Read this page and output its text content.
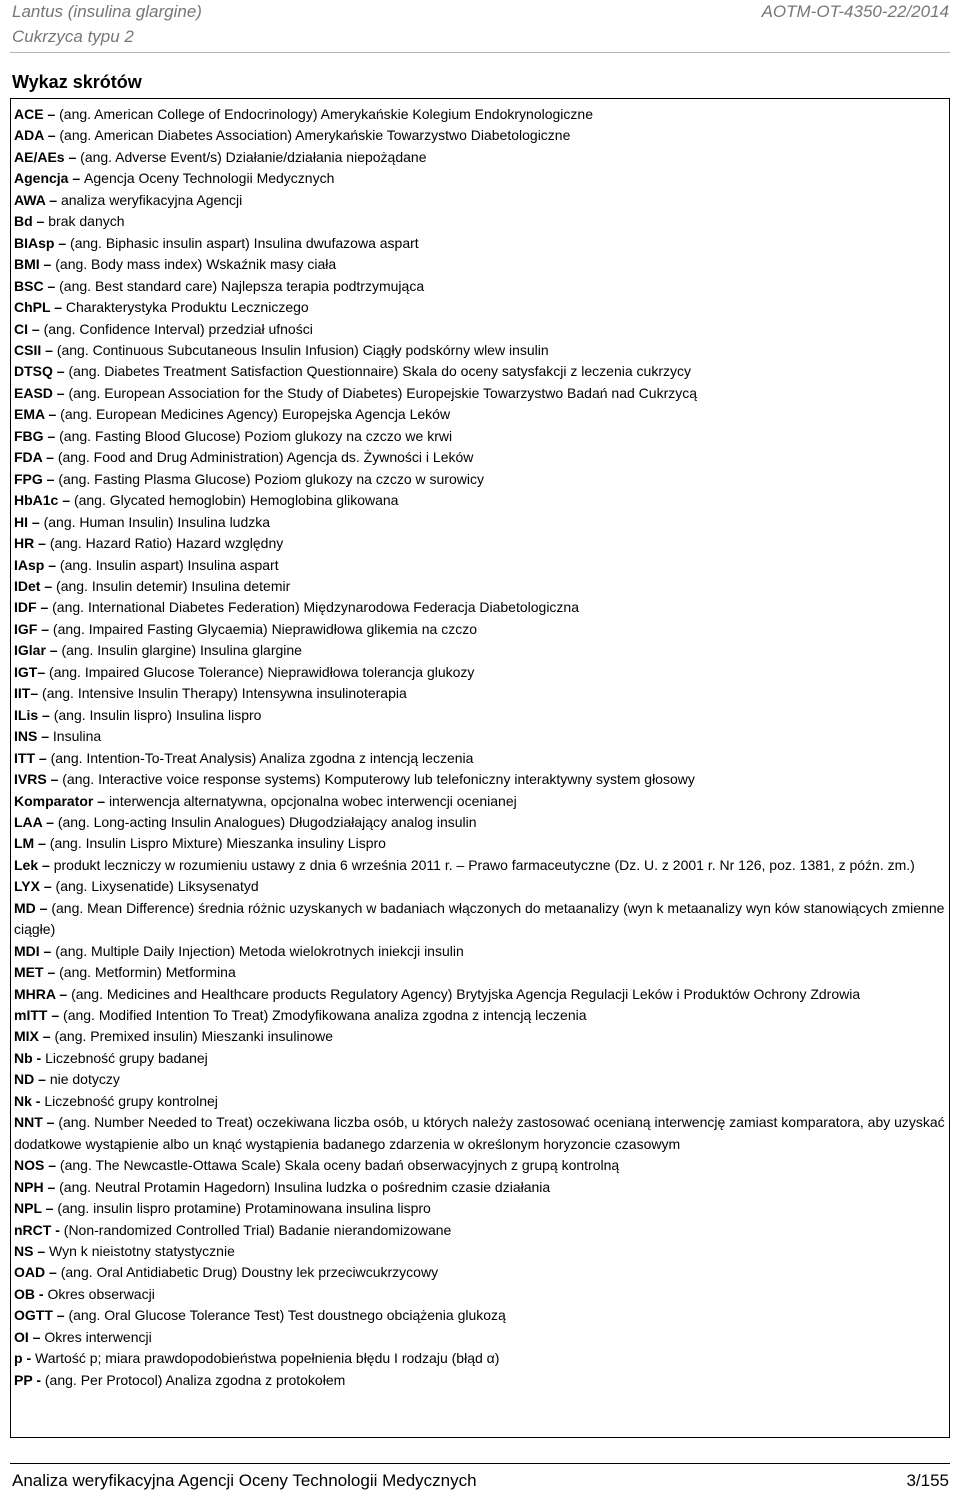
Lantus (insulina glargine)
Cukrzyca typu 2
AOTM-OT-4350-22/2014
Wykaz skrótów
ACE – (ang. American College of Endocrinology) Amerykańskie Kolegium Endokrynologiczne
ADA – (ang. American Diabetes Association) Amerykańskie Towarzystwo Diabetologiczne
AE/AEs – (ang. Adverse Event/s) Działanie/działania niepożądane
Agencja – Agencja Oceny Technologii Medycznych
AWA – analiza weryfikacyjna Agencji
Bd – brak danych
BIAsp – (ang. Biphasic insulin aspart) Insulina dwufazowa aspart
BMI – (ang. Body mass index) Wskaźnik masy ciała
BSC – (ang. Best standard care) Najlepsza terapia podtrzymująca
ChPL – Charakterystyka Produktu Leczniczego
CI – (ang. Confidence Interval) przedział ufności
CSII – (ang. Continuous Subcutaneous Insulin Infusion) Ciągły podskórny wlew insulin
DTSQ – (ang. Diabetes Treatment Satisfaction Questionnaire) Skala do oceny satysfakcji z leczenia cukrzycy
EASD – (ang. European Association for the Study of Diabetes) Europejskie Towarzystwo Badań nad Cukrzycą
EMA – (ang. European Medicines Agency) Europejska Agencja Leków
FBG – (ang. Fasting Blood Glucose) Poziom glukozy na czczo we krwi
FDA – (ang. Food and Drug Administration) Agencja ds. Żywności i Leków
FPG – (ang. Fasting Plasma Glucose) Poziom glukozy na czczo w surowicy
HbA1c – (ang. Glycated hemoglobin) Hemoglobina glikowana
HI – (ang. Human Insulin) Insulina ludzka
HR – (ang. Hazard Ratio) Hazard względny
IAsp – (ang. Insulin aspart) Insulina aspart
IDet – (ang. Insulin detemir) Insulina detemir
IDF – (ang. International Diabetes Federation) Międzynarodowa Federacja Diabetologiczna
IGF – (ang. Impaired Fasting Glycaemia) Nieprawidłowa glikemia na czczo
IGlar – (ang. Insulin glargine) Insulina glargine
IGT– (ang. Impaired Glucose Tolerance) Nieprawidłowa tolerancja glukozy
IIT– (ang. Intensive Insulin Therapy) Intensywna insulinoterapia
ILis – (ang. Insulin lispro) Insulina lispro
INS – Insulina
ITT – (ang. Intention-To-Treat Analysis) Analiza zgodna z intencją leczenia
IVRS – (ang. Interactive voice response systems) Komputerowy lub telefoniczny interaktywny system głosowy
Komparator – interwencja alternatywna, opcjonalna wobec interwencji ocenianej
LAA – (ang. Long-acting Insulin Analogues) Długodziałający analog insulin
LM – (ang. Insulin Lispro Mixture) Mieszanka insuliny Lispro
Lek – produkt leczniczy w rozumieniu ustawy z dnia 6 września 2011 r. – Prawo farmaceutyczne (Dz. U. z 2001 r. Nr 126, poz. 1381, z późn. zm.)
LYX – (ang. Lixysenatide) Liksysenatyd
MD – (ang. Mean Difference) średnia różnic uzyskanych w badaniach włączonych do metaanalizy (wyn k metaanalizy wyn ków stanowiących zmienne ciągłe)
MDI – (ang. Multiple Daily Injection) Metoda wielokrotnych iniekcji insulin
MET – (ang. Metformin) Metformina
MHRA – (ang. Medicines and Healthcare products Regulatory Agency) Brytyjska Agencja Regulacji Leków i Produktów Ochrony Zdrowia
mITT – (ang. Modified Intention To Treat) Zmodyfikowana analiza zgodna z intencją leczenia
MIX – (ang. Premixed insulin) Mieszanki insulinowe
Nb - Liczebność grupy badanej
ND – nie dotyczy
Nk - Liczebność grupy kontrolnej
NNT – (ang. Number Needed to Treat) oczekiwana liczba osób, u których należy zastosować ocenianą interwencję zamiast komparatora, aby uzyskać dodatkowe wystąpienie albo un knąć wystąpienia badanego zdarzenia w określonym horyzoncie czasowym
NOS – (ang. The Newcastle-Ottawa Scale) Skala oceny badań obserwacyjnych z grupą kontrolną
NPH – (ang. Neutral Protamin Hagedorn) Insulina ludzka o pośrednim czasie działania
NPL – (ang. insulin lispro protamine) Protaminowana insulina lispro
nRCT - (Non-randomized Controlled Trial) Badanie nierandomizowane
NS – Wyn k nieistotny statystycznie
OAD – (ang. Oral Antidiabetic Drug) Doustny lek przeciwcukrzycowy
OB - Okres obserwacji
OGTT – (ang. Oral Glucose Tolerance Test) Test doustnego obciążenia glukozą
OI – Okres interwencji
p - Wartość p; miara prawdopodobieństwa popełnienia błędu I rodzaju (błąd α)
PP - (ang. Per Protocol) Analiza zgodna z protokołem
Analiza weryfikacyjna Agencji Oceny Technologii Medycznych	3/155
